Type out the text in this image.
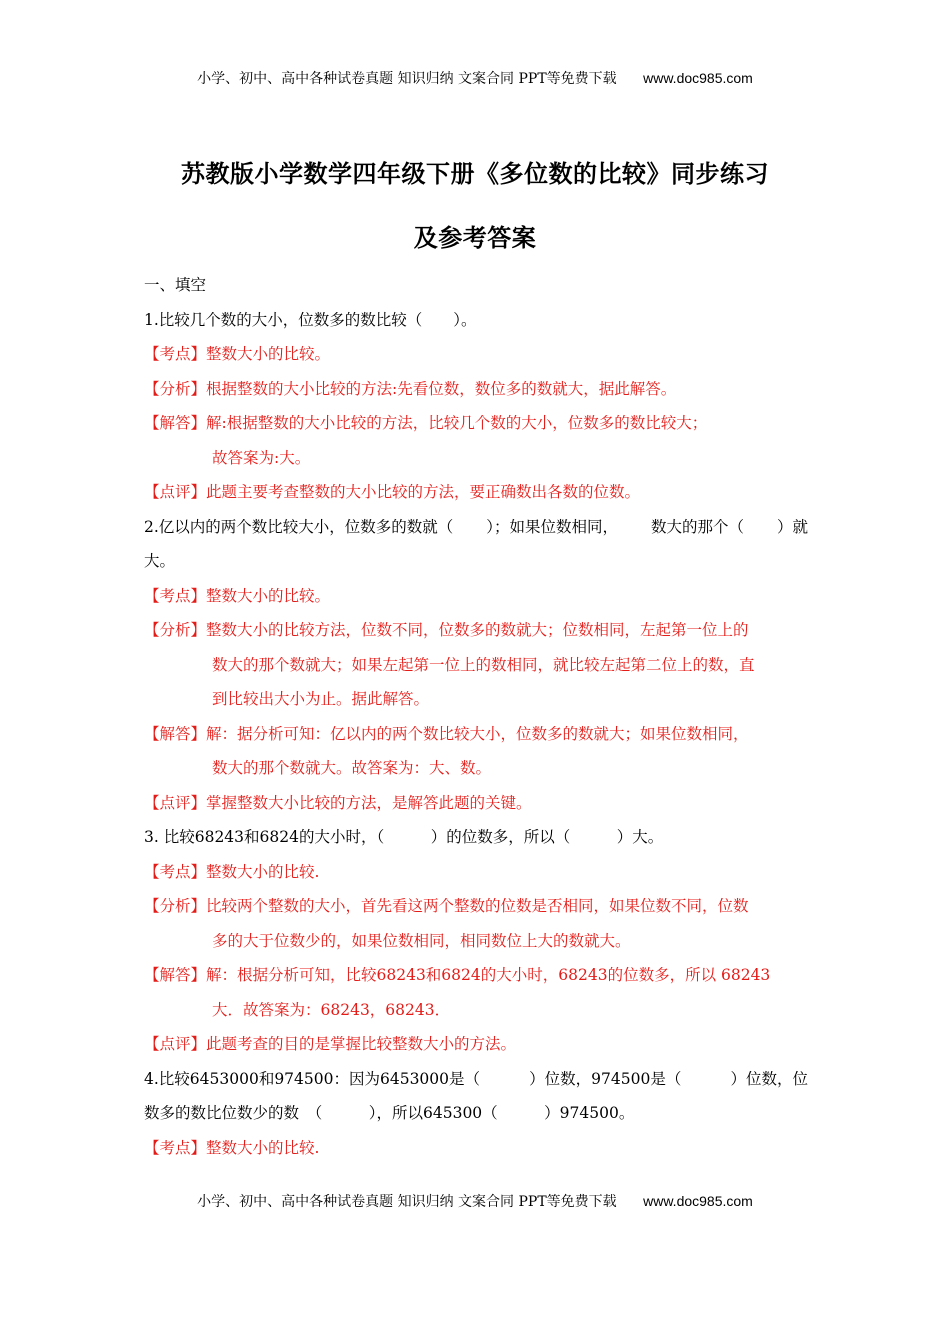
小学、初中、高中各种试卷真题 知识归纳 文案合同 PPT等免费下载 www.doc985.com
苏教版小学数学四年级下册《多位数的比较》同步练习
及参考答案
一、填空
1.比较几个数的大小，位数多的数比较（　　）。
【考点】整数大小的比较。
【分析】根据整数的大小比较的方法:先看位数，数位多的数就大，据此解答。
【解答】解:根据整数的大小比较的方法，比较几个数的大小，位数多的数比较大；
故答案为:大。
【点评】此题主要考查整数的大小比较的方法，要正确数出各数的位数。
2.亿以内的两个数比较大小，位数多的数就（ ）；如果位数相同， 数大的那个（ ）就
大。
【考点】整数大小的比较。
【分析】整数大小的比较方法，位数不同，位数多的数就大；位数相同，左起第一位上的
数大的那个数就大；如果左起第一位上的数相同，就比较左起第二位上的数，直
到比较出大小为止。据此解答。
【解答】解：据分析可知：亿以内的两个数比较大小，位数多的数就大；如果位数相同，
数大的那个数就大。故答案为：大、数。
【点评】掌握整数大小比较的方法，是解答此题的关键。
3. 比较68243和6824的大小时，（　　　）的位数多，所以（　　　）大。
【考点】整数大小的比较.
【分析】比较两个整数的大小，首先看这两个整数的位数是否相同，如果位数不同，位数
多的大于位数少的，如果位数相同，相同数位上大的数就大。
【解答】解：根据分析可知，比较68243和6824的大小时，68243的位数多，所以 68243
大．故答案为：68243，68243．
【点评】此题考查的目的是掌握比较整数大小的方法。
4.比较6453000和974500：因为6453000是（	）位数，974500是（	）位数，位
数多的数比位数少的数　（　　　），所以645300（　　　）974500。
【考点】整数大小的比较.
小学、初中、高中各种试卷真题 知识归纳 文案合同 PPT等免费下载 www.doc985.com
